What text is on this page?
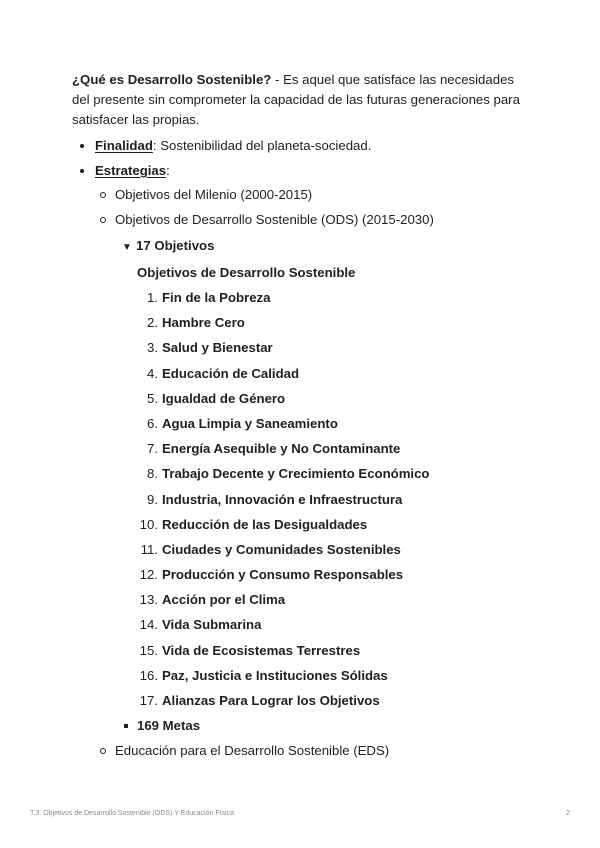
¿Qué es Desarrollo Sostenible? - Es aquel que satisface las necesidades del presente sin comprometer la capacidad de las futuras generaciones para satisfacer las propias.

Finalidad: Sostenibilidad del planeta-sociedad.
Estrategias:
Objetivos del Milenio (2000-2015)
Objetivos de Desarrollo Sostenible (ODS) (2015-2030)
▼ 17 Objetivos
Objetivos de Desarrollo Sostenible
1. Fin de la Pobreza
2. Hambre Cero
3. Salud y Bienestar
4. Educación de Calidad
5. Igualdad de Género
6. Agua Limpia y Saneamiento
7. Energía Asequible y No Contaminante
8. Trabajo Decente y Crecimiento Económico
9. Industria, Innovación e Infraestructura
10. Reducción de las Desigualdades
11. Ciudades y Comunidades Sostenibles
12. Producción y Consumo Responsables
13. Acción por el Clima
14. Vida Submarina
15. Vida de Ecosistemas Terrestres
16. Paz, Justicia e Instituciones Sólidas
17. Alianzas Para Lograr los Objetivos
169 Metas
Educación para el Desarrollo Sostenible (EDS)
T.3. Objetivos de Desarrollo Sostenible (ODS) Y Educación Física	2
